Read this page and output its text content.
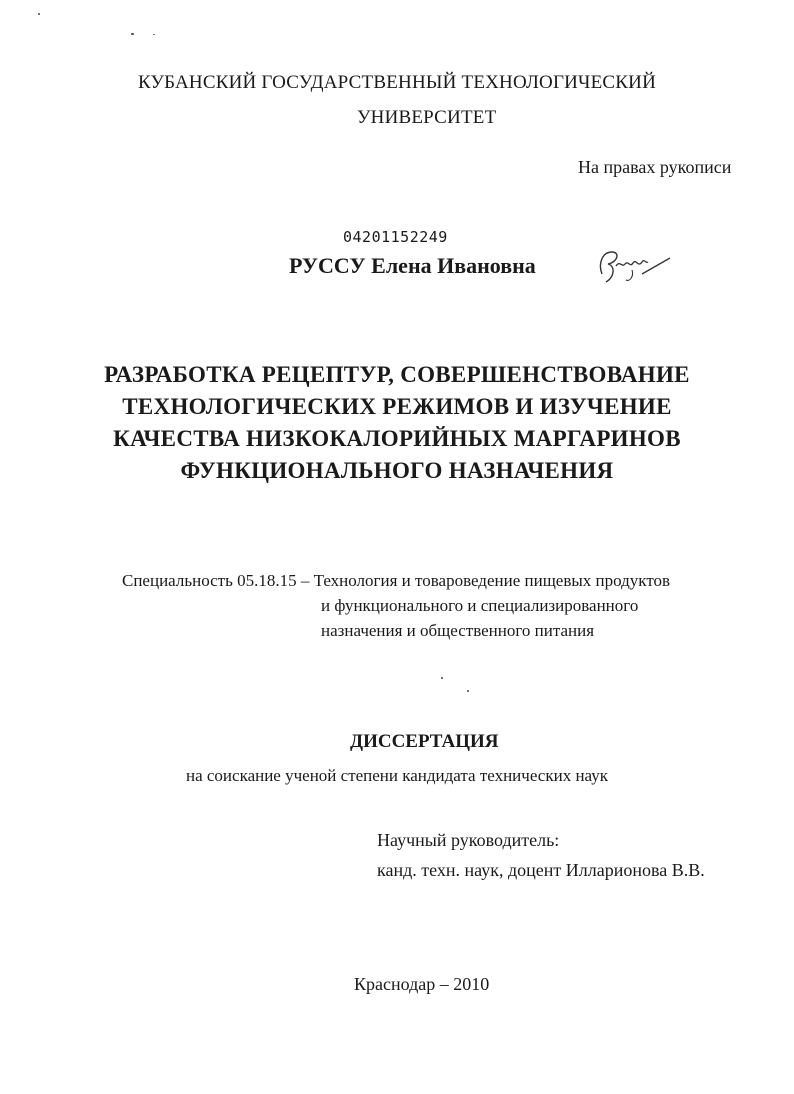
КУБАНСКИЙ ГОСУДАРСТВЕННЫЙ ТЕХНОЛОГИЧЕСКИЙ
УНИВЕРСИТЕТ
На правах рукописи
04201152249
РУССУ Елена Ивановна
РАЗРАБОТКА РЕЦЕПТУР, СОВЕРШЕНСТВОВАНИЕ
ТЕХНОЛОГИЧЕСКИХ РЕЖИМОВ И ИЗУЧЕНИЕ
КАЧЕСТВА НИЗКОКАЛОРИЙНЫХ МАРГАРИНОВ
ФУНКЦИОНАЛЬНОГО НАЗНАЧЕНИЯ
Специальность 05.18.15 – Технология и товароведение пищевых продуктов
и функционального и специализированного
назначения и общественного питания
ДИССЕРТАЦИЯ
на соискание ученой степени кандидата технических наук
Научный руководитель:
канд. техн. наук, доцент Илларионова В.В.
Краснодар – 2010
